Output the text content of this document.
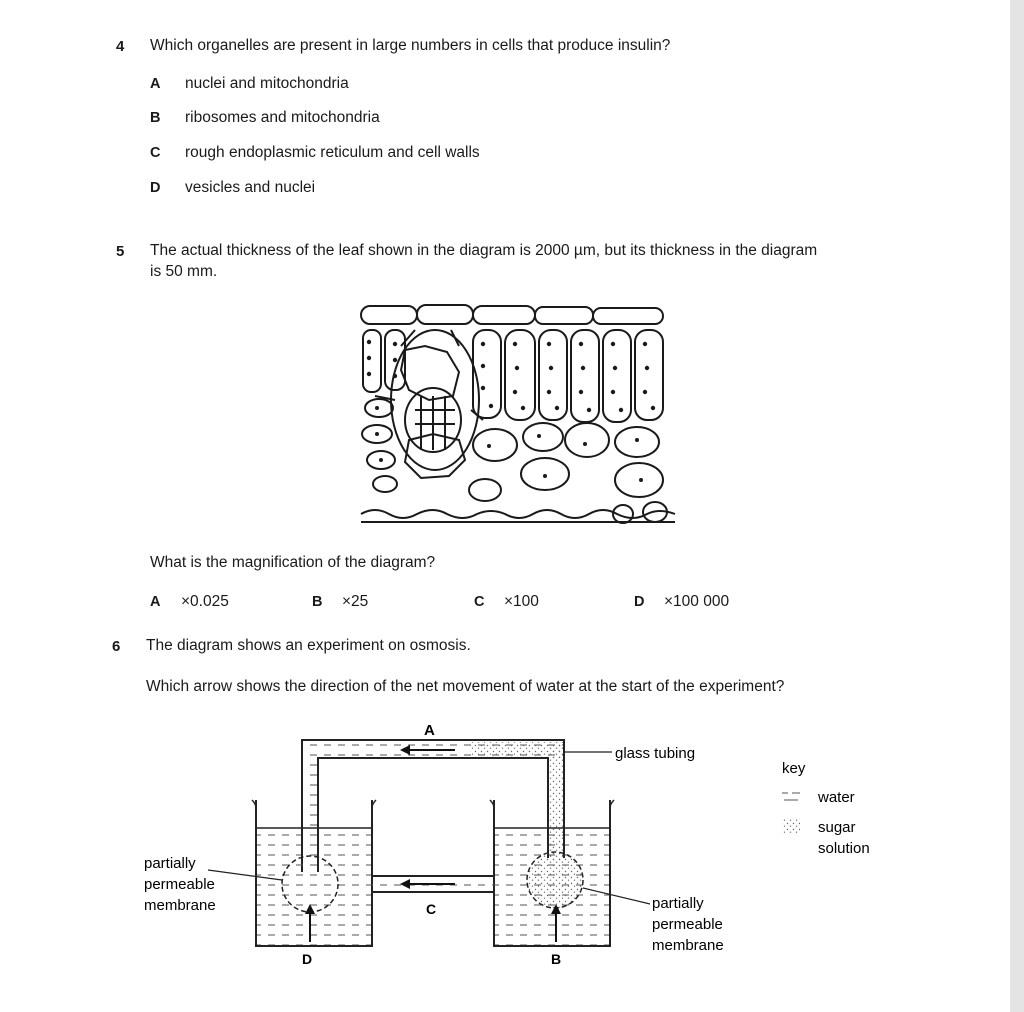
4 Which organelles are present in large numbers in cells that produce insulin?
A nuclei and mitochondria
B ribosomes and mitochondria
C rough endoplasmic reticulum and cell walls
D vesicles and nuclei
5 The actual thickness of the leaf shown in the diagram is 2000 µm, but its thickness in the diagram
is 50 mm.
What is the magnification of the diagram?
A ×0.025	B ×25	C ×100	D ×100 000
6 The diagram shows an experiment on osmosis.
Which arrow shows the direction of the net movement of water at the start of the experiment?
A
C
D	B
glass tubing
partially
permeable
membrane	partially
permeable
membrane
key
water
sugar
solution
